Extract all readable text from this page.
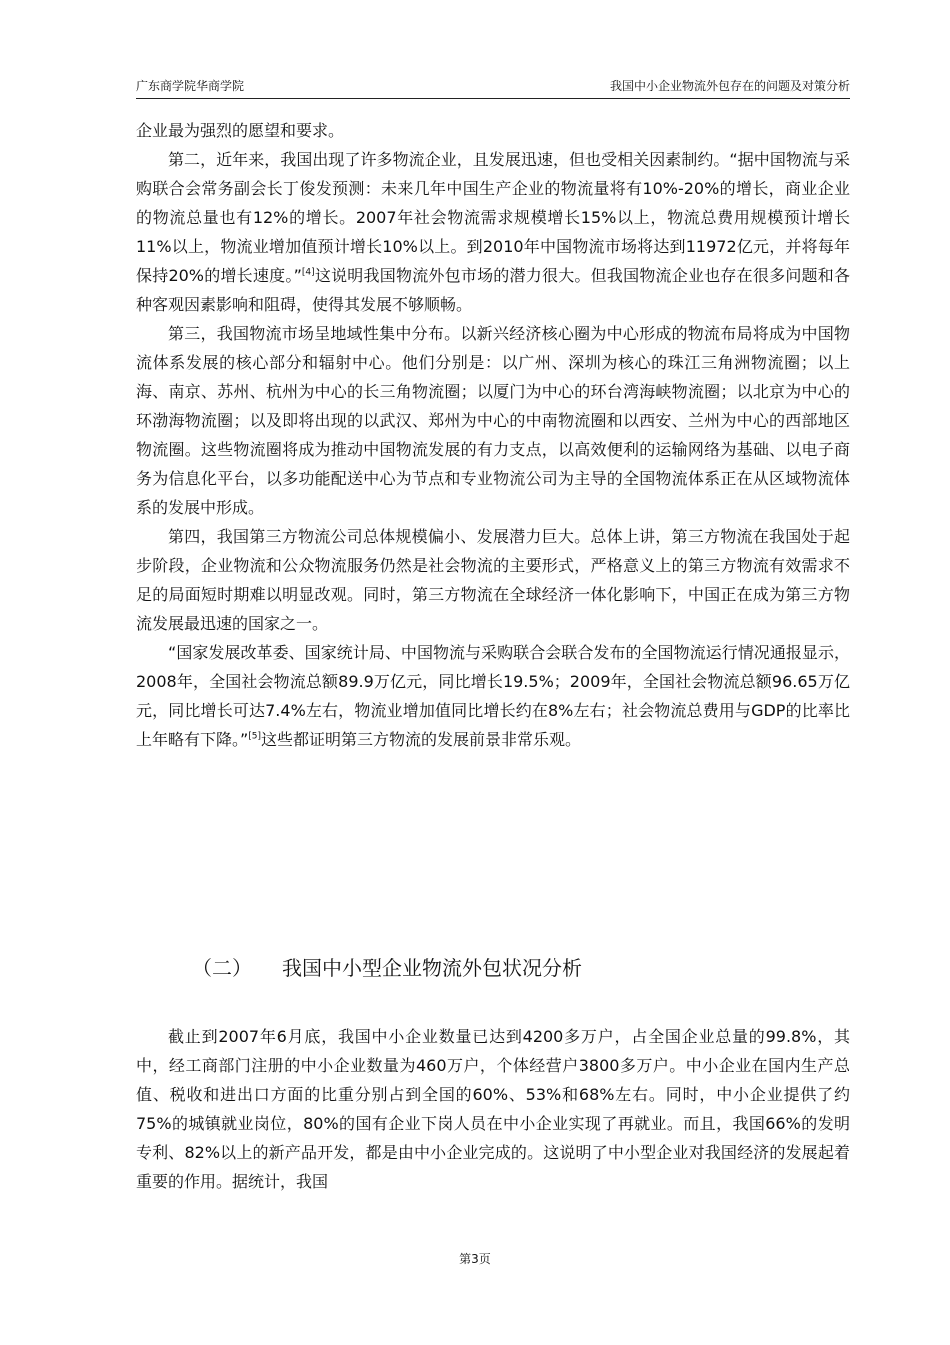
广东商学院华商学院	我国中小企业物流外包存在的问题及对策分析

企业最为强烈的愿望和要求。

第二，近年来，我国出现了许多物流企业，且发展迅速，但也受相关因素制约。“据中国物流与采购联合会常务副会长丁俊发预测：未来几年中国生产企业的物流量将有10%-20%的增长，商业企业的物流总量也有12%的增长。2007年社会物流需求规模增长15%以上，物流总费用规模预计增长11%以上，物流业增加值预计增长10%以上。到2010年中国物流市场将达到11972亿元，并将每年保持20%的增长速度。”[4]这说明我国物流外包市场的潜力很大。但我国物流企业也存在很多问题和各种客观因素影响和阻碍，使得其发展不够顺畅。

第三，我国物流市场呈地域性集中分布。以新兴经济核心圈为中心形成的物流布局将成为中国物流体系发展的核心部分和辐射中心。他们分别是：以广州、深圳为核心的珠江三角洲物流圈；以上海、南京、苏州、杭州为中心的长三角物流圈；以厦门为中心的环台湾海峡物流圈；以北京为中心的环渤海物流圈；以及即将出现的以武汉、郑州为中心的中南物流圈和以西安、兰州为中心的西部地区物流圈。这些物流圈将成为推动中国物流发展的有力支点，以高效便利的运输网络为基础、以电子商务为信息化平台，以多功能配送中心为节点和专业物流公司为主导的全国物流体系正在从区域物流体系的发展中形成。

第四，我国第三方物流公司总体规模偏小、发展潜力巨大。总体上讲，第三方物流在我国处于起步阶段，企业物流和公众物流服务仍然是社会物流的主要形式，严格意义上的第三方物流有效需求不足的局面短时期难以明显改观。同时，第三方物流在全球经济一体化影响下，中国正在成为第三方物流发展最迅速的国家之一。

“国家发展改革委、国家统计局、中国物流与采购联合会联合发布的全国物流运行情况通报显示，2008年，全国社会物流总额89.9万亿元，同比增长19.5%；2009年，全国社会物流总额96.65万亿元，同比增长可达7.4%左右，物流业增加值同比增长约在8%左右；社会物流总费用与GDP的比率比上年略有下降。”[5]这些都证明第三方物流的发展前景非常乐观。

（二） 我国中小型企业物流外包状况分析

截止到2007年6月底，我国中小企业数量已达到4200多万户，占全国企业总量的99.8%，其中，经工商部门注册的中小企业数量为460万户，个体经营户3800多万户。中小企业在国内生产总值、税收和进出口方面的比重分别占到全国的60%、53%和68%左右。同时，中小企业提供了约75%的城镇就业岗位，80%的国有企业下岗人员在中小企业实现了再就业。而且，我国66%的发明专利、82%以上的新产品开发，都是由中小企业完成的。这说明了中小型企业对我国经济的发展起着重要的作用。据统计，我国

第3页
